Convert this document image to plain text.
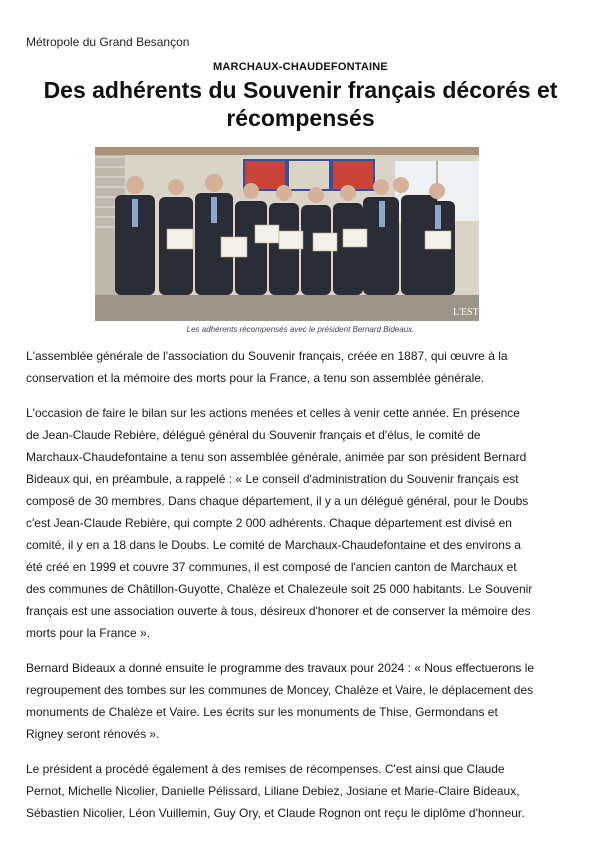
Métropole du Grand Besançon
MARCHAUX-CHAUDEFONTAINE
Des adhérents du Souvenir français décorés et récompensés
L'EST
Les adhérents récompensés avec le président Bernard Bideaux.

L'assemblée générale de l'association du Souvenir français, créée en 1887, qui œuvre à la
conservation et la mémoire des morts pour la France, a tenu son assemblée générale.

L'occasion de faire le bilan sur les actions menées et celles à venir cette année. En présence
de Jean-Claude Rebière, délégué général du Souvenir français et d'élus, le comité de
Marchaux-Chaudefontaine a tenu son assemblée générale, animée par son président Bernard
Bideaux qui, en préambule, a rappelé : « Le conseil d'administration du Souvenir français est
composé de 30 membres. Dans chaque département, il y a un délégué général, pour le Doubs
c'est Jean-Claude Rebière, qui compte 2 000 adhérents. Chaque département est divisé en
comité, il y en a 18 dans le Doubs. Le comité de Marchaux-Chaudefontaine et des environs a
été créé en 1999 et couvre 37 communes, il est composé de l'ancien canton de Marchaux et
des communes de Châtillon-Guyotte, Chalèze et Chalezeule soit 25 000 habitants. Le Souvenir
français est une association ouverte à tous, désireux d'honorer et de conserver la mémoire des
morts pour la France ».

Bernard Bideaux a donné ensuite le programme des travaux pour 2024 : « Nous effectuerons le
regroupement des tombes sur les communes de Moncey, Chalèze et Vaire, le déplacement des
monuments de Chalèze et Vaire. Les écrits sur les monuments de Thise, Germondans et
Rigney seront rénovés ».

Le président a procédé également à des remises de récompenses. C'est ainsi que Claude
Pernot, Michelle Nicolier, Danielle Pélissard, Liliane Debiez, Josiane et Marie-Claire Bideaux,
Sébastien Nicolier, Léon Vuillemin, Guy Ory, et Claude Rognon ont reçu le diplôme d'honneur.
